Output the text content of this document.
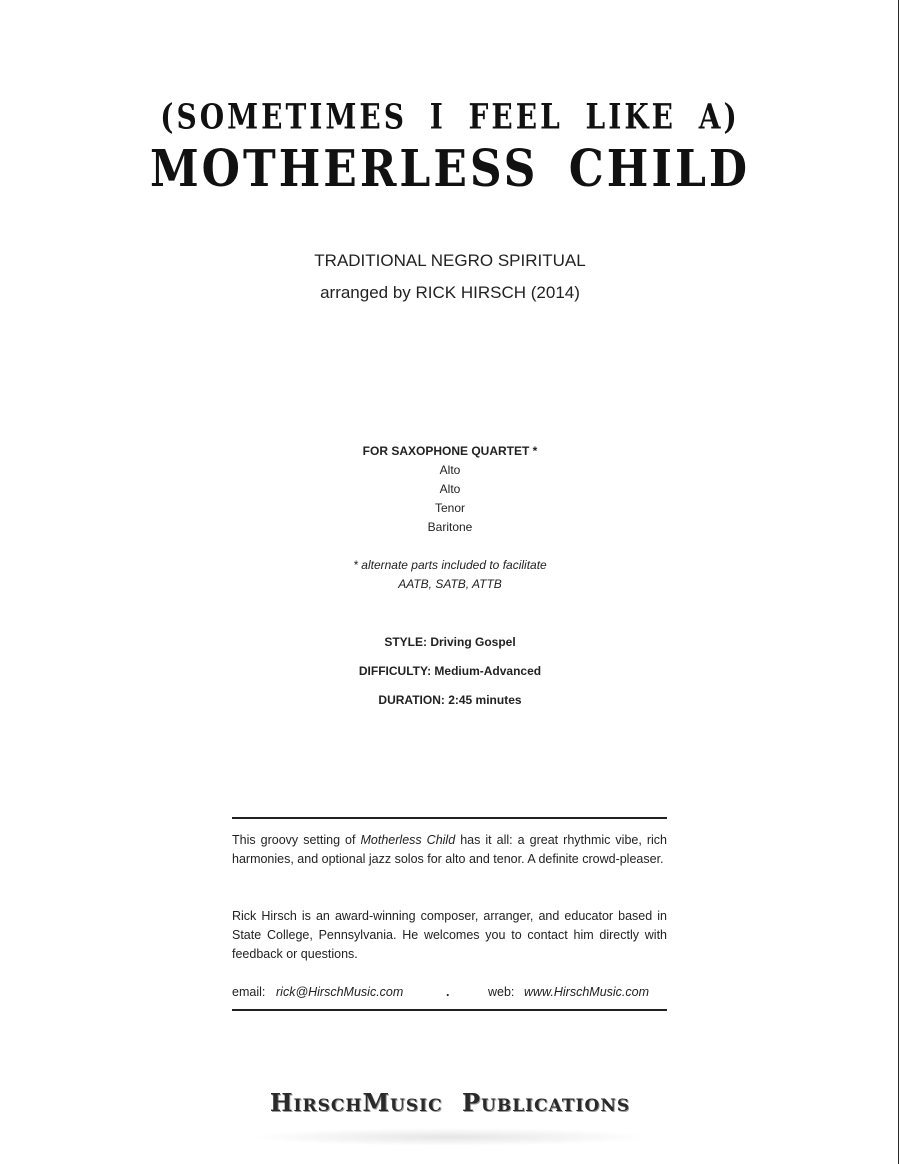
(SOMETIMES I FEEL LIKE A)
MOTHERLESS CHILD
TRADITIONAL NEGRO SPIRITUAL
arranged by RICK HIRSCH (2014)
FOR SAXOPHONE QUARTET *
Alto
Alto
Tenor
Baritone
* alternate parts included to facilitate
AATB, SATB, ATTB
STYLE: Driving Gospel
DIFFICULTY: Medium-Advanced
DURATION: 2:45 minutes
This groovy setting of Motherless Child has it all: a great rhythmic vibe, rich harmonies, and optional jazz solos for alto and tenor. A definite crowd-pleaser.
Rick Hirsch is an award-winning composer, arranger, and educator based in State College, Pennsylvania. He welcomes you to contact him directly with feedback or questions.
email: rick@HirschMusic.com	.	web: www.HirschMusic.com
HirschMusic Publications
